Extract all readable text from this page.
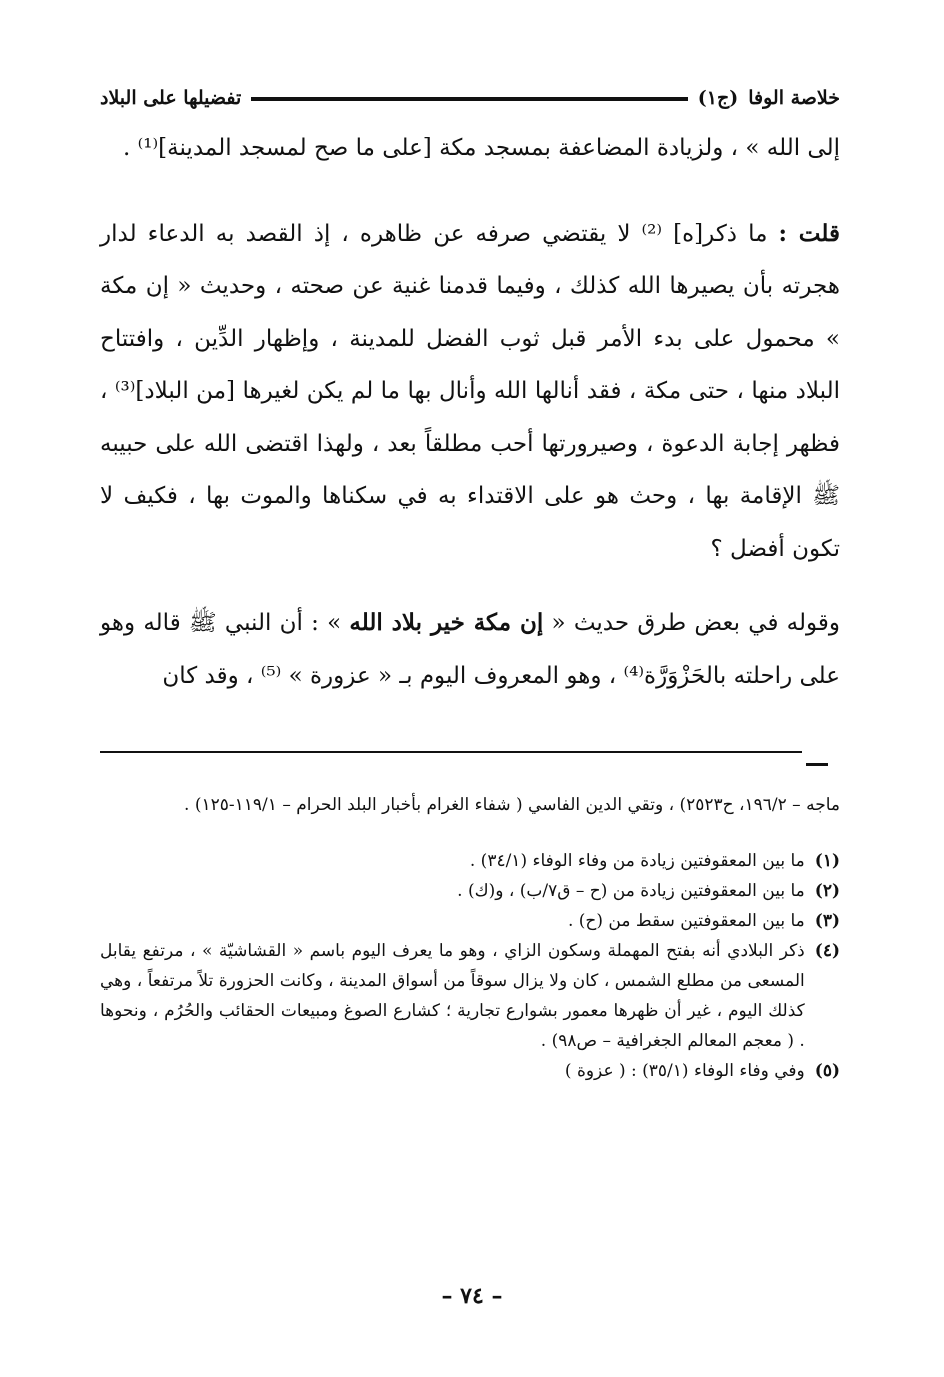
خلاصة الوفا
(ج١)
تفضيلها على البلاد

إلى الله » ، ولزيادة المضاعفة بمسجد مكة [على ما صح لمسجد المدينة]⁽¹⁾ .

قلت : ما ذكر[ه] ⁽²⁾ لا يقتضي صرفه عن ظاهره ، إذ القصد به الدعاء لدار هجرته بأن يصيرها الله كذلك ، وفيما قدمنا غنية عن صحته ، وحديث « إن مكة » محمول على بدء الأمر قبل ثوب الفضل للمدينة ، وإظهار الدِّين ، وافتتاح البلاد منها ، حتى مكة ، فقد أنالها الله وأنال بها ما لم يكن لغيرها [من البلاد]⁽³⁾ ، فظهر إجابة الدعوة ، وصيرورتها أحب مطلقاً بعد ، ولهذا اقتضى الله على حبيبه ﷺ الإقامة بها ، وحث هو على الاقتداء به في سكناها والموت بها ، فكيف لا تكون أفضل ؟

وقوله في بعض طرق حديث « إن مكة خير بلاد الله » : أن النبي ﷺ قاله وهو على راحلته بالحَزْوَرَّة⁽⁴⁾ ، وهو المعروف اليوم بـ « عزورة » ⁽⁵⁾ ، وقد كان

ماجه – ١٩٦/٢، ح٢٥٢٣) ، وتقي الدين الفاسي ( شفاء الغرام بأخبار البلد الحرام – ١١٩/١-١٢٥) .

(١)
ما بين المعقوفتين زيادة من وفاء الوفاء (٣٤/١) .
(٢)
ما بين المعقوفتين زيادة من (ح – ق٧/ب) ، و(ك) .
(٣)
ما بين المعقوفتين سقط من (ح) .
(٤)
ذكر البلادي أنه بفتح المهملة وسكون الزاي ، وهو ما يعرف اليوم باسم « القشاشيّة » ، مرتفع يقابل المسعى من مطلع الشمس ، كان ولا يزال سوقاً من أسواق المدينة ، وكانت الحزورة تلاً مرتفعاً ، وهي كذلك اليوم ، غير أن ظهرها معمور بشوارع تجارية ؛ كشارع الصوغ ومبيعات الحقائب والحُرُم ، ونحوها . ( معجم المعالم الجغرافية – ص٩٨) .
(٥)
وفي وفاء الوفاء (٣٥/١) : ( عزوة )
– ٧٤ –
